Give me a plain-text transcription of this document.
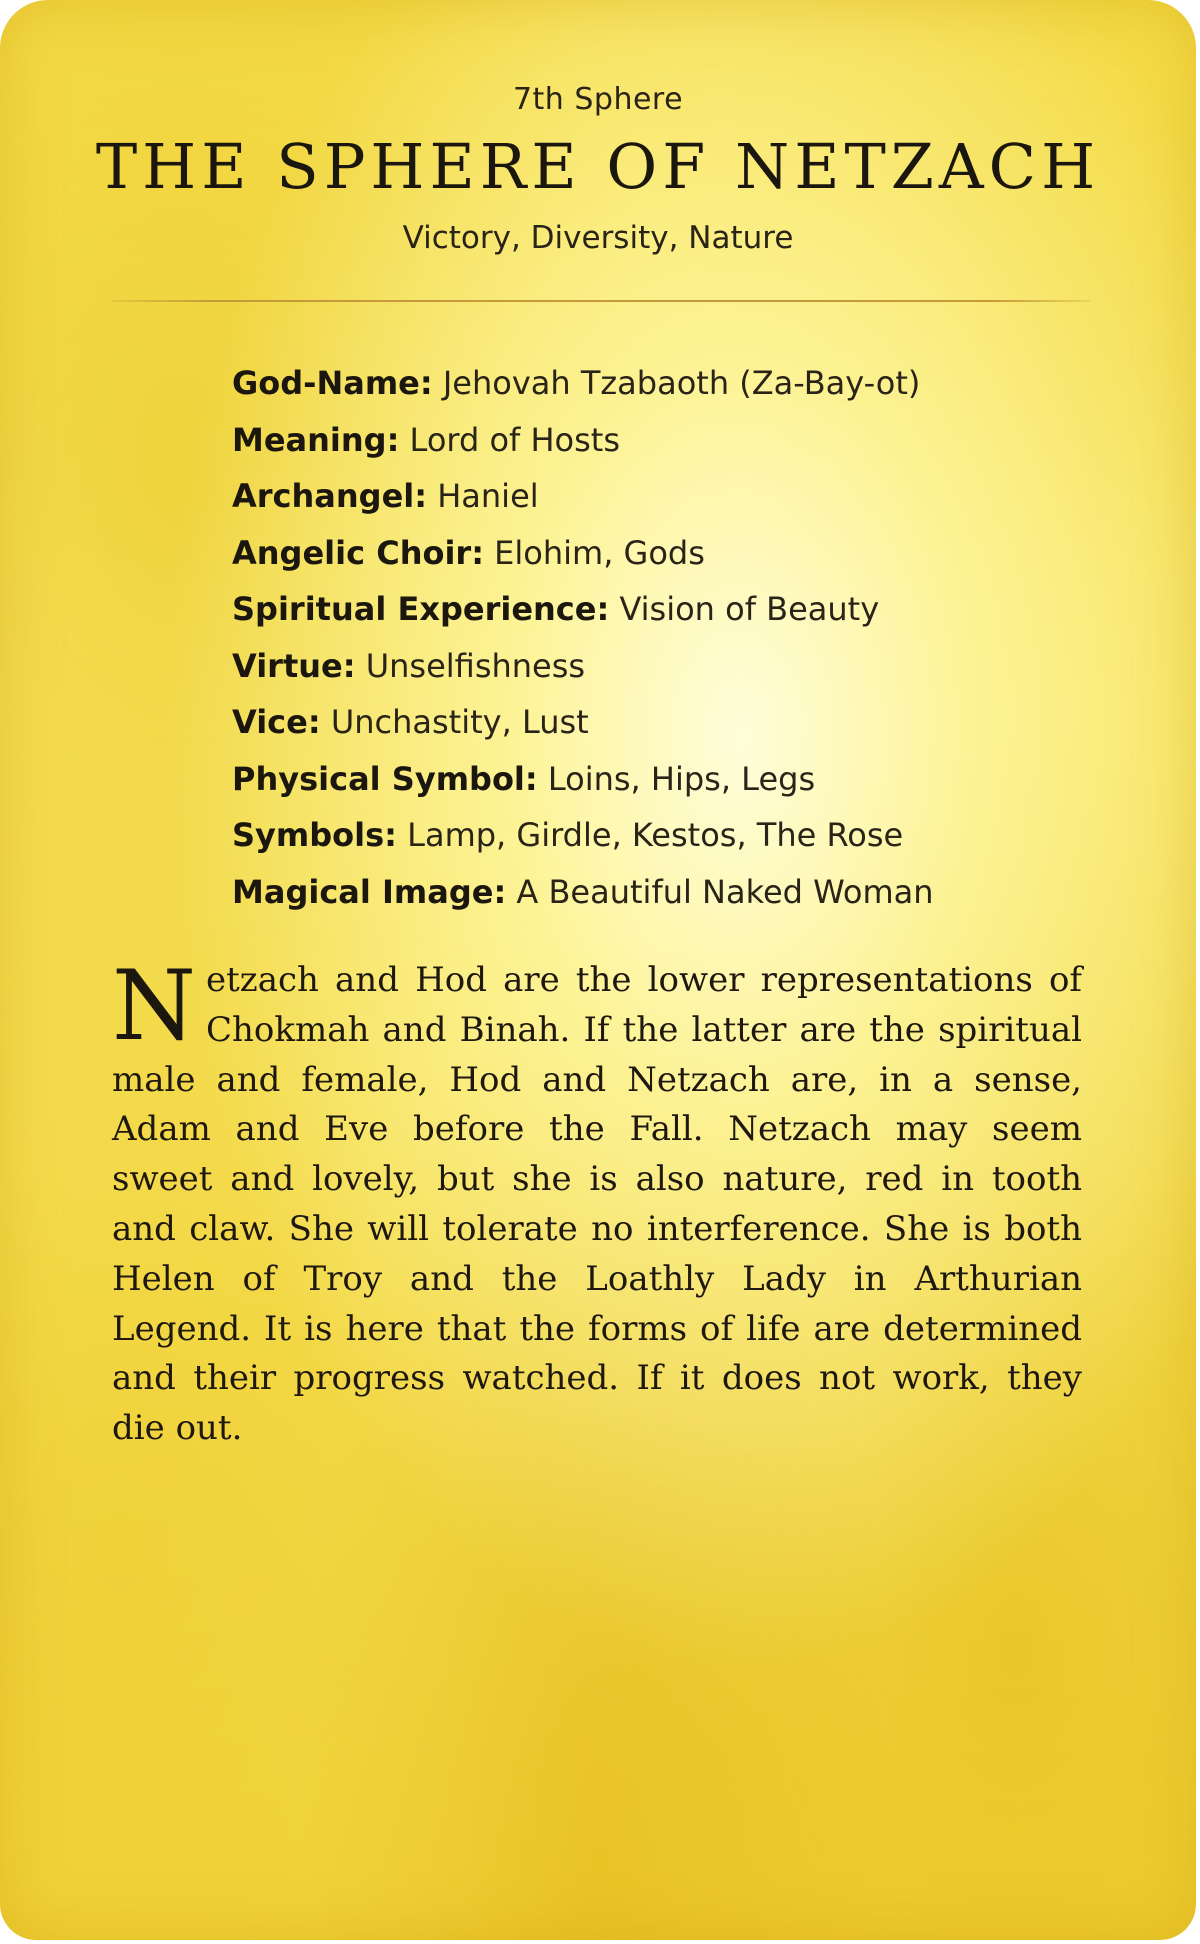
7th Sphere
THE SPHERE OF NETZACH
Victory, Diversity, Nature
God-Name: Jehovah Tzabaoth (Za-Bay-ot)
Meaning: Lord of Hosts
Archangel: Haniel
Angelic Choir: Elohim, Gods
Spiritual Experience: Vision of Beauty
Virtue: Unselfishness
Vice: Unchastity, Lust
Physical Symbol: Loins, Hips, Legs
Symbols: Lamp, Girdle, Kestos, The Rose
Magical Image: A Beautiful Naked Woman

Netzach and Hod are the lower representations of Chokmah and Binah. If the latter are the spiritual male and female, Hod and Netzach are, in a sense, Adam and Eve before the Fall. Netzach may seem sweet and lovely, but she is also nature, red in tooth and claw. She will tolerate no interference. She is both Helen of Troy and the Loathly Lady in Arthurian Legend. It is here that the forms of life are determined and their progress watched. If it does not work, they die out.
